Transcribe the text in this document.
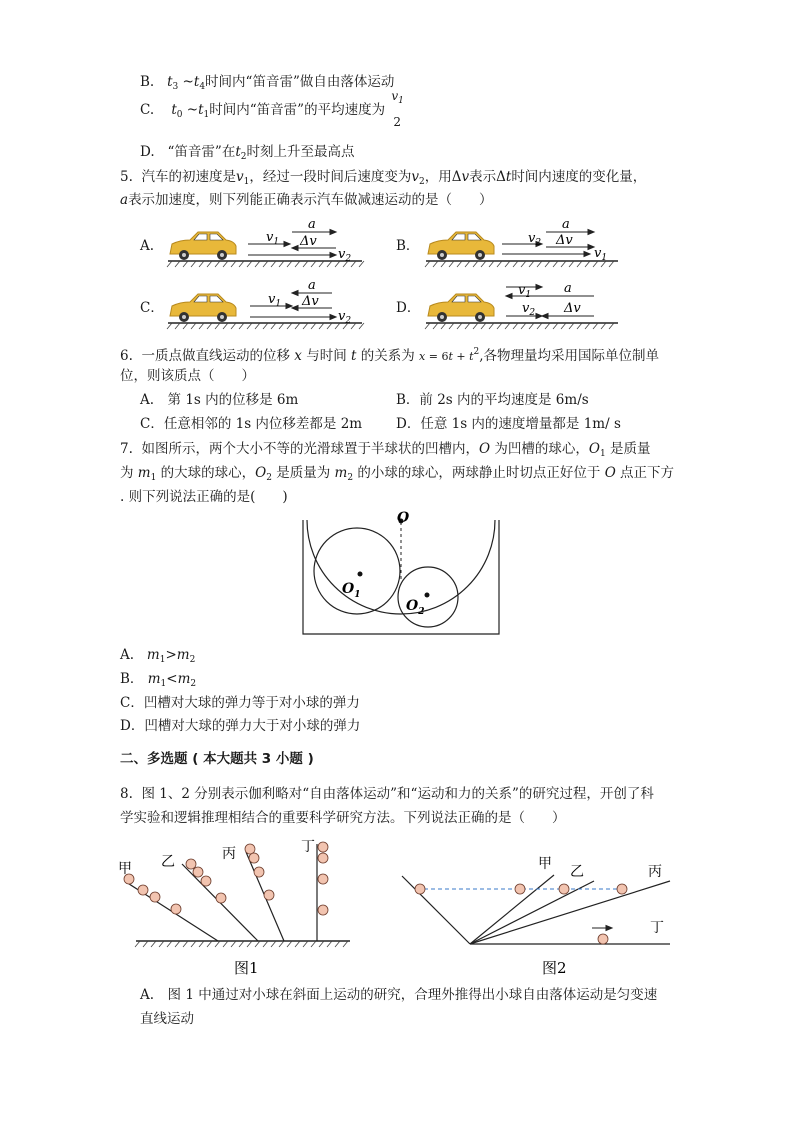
B. $t_3$ $\sim t_4$时间内“笛音雷”做自由落体运动
C. $t_0$ $\sim t_1$时间内“笛音雷”的平均速度为
$v_1$
2
D. “笛音雷”在$t_2$时刻上升至最高点
5. 汽车的初速度是$v_1$，经过一段时间后速度变为$v_2$，用Δv表示Δt时间内速度的变化量，
a表示加速度，则下列能正确表示汽车做减速运动的是（　　）
A.
a
Δv
$v_1$
$v_2$
B．
a
Δv
$v_2$
$v_1$
C．
a
Δv
$v_1$
$v_2$
D．
a
Δv
$v_1$
$v_2$
6. 一质点做直线运动的位移 x 与时间 t 的关系为 $x = 6t + t^2$,各物理量均采用国际单位制单
位，则该质点（　　）
A.　第 1s 内的位移是 6m	B．前 2s 内的平均速度是 6m/s
C．任意相邻的 1s 内位移差都是 2m	D．任意 1s 内的速度增量都是 1m/ s
7. 如图所示，两个大小不等的光滑球置于半球状的凹槽内，O 为凹槽的球心，$O_1$ 是质量
为 $m_1$ 的大球的球心，$O_2$ 是质量为 $m_2$ 的小球的球心，两球静止时切点正好位于 O 点正下方
. 则下列说法正确的是(　　)
O
$O_1$
$O_2$
A. $m_1>m_2$
B． $m_1<m_2$
C．凹槽对大球的弹力等于对小球的弹力
D．凹槽对大球的弹力大于对小球的弹力
二、多选题 ( 本大题共 3 小题 )
8. 图 1、2 分别表示伽利略对“自由落体运动”和“运动和力的关系”的研究过程，开创了科
学实验和逻辑推理相结合的重要科学研究方法。下列说法正确的是（　　）
甲 乙	丙	丁
图1
甲 乙	丙
丁
图2
A.　图 1 中通过对小球在斜面上运动的研究，合理外推得出小球自由落体运动是匀变速
直线运动
